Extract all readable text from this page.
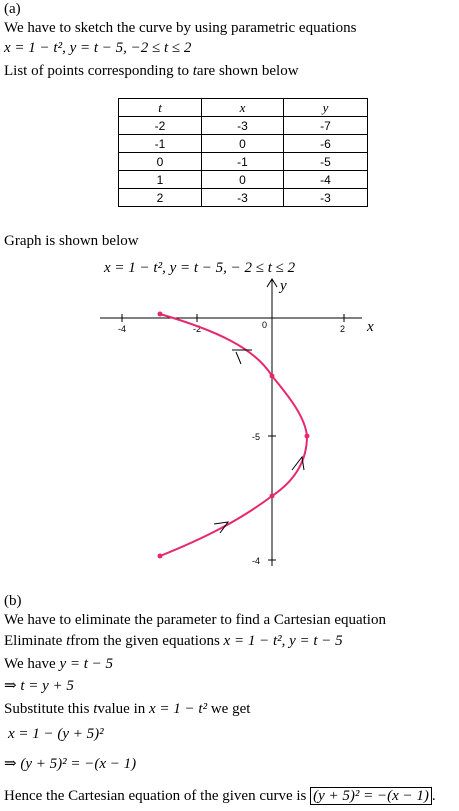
(a)
We have to sketch the curve by using parametric equations
x = 1 − t², y = t − 5, −2 ≤ t ≤ 2
List of points corresponding to tare shown below
t	x	y
-2	-3	-7
-1	0	-6
0	-1	-5
1	0	-4
2	-3	-3
Graph is shown below
x = 1 − t², y = t − 5, − 2 ≤ t ≤ 2
-4	-2	0	2
-5
-4
x
y
(b)
We have to eliminate the parameter to find a Cartesian equation
Eliminate tfrom the given equations x = 1 − t², y = t − 5
We have y = t − 5
⇒ t = y + 5
Substitute this tvalue in x = 1 − t² we get
x = 1 − (y + 5)²
⇒ (y + 5)² = −(x − 1)
Hence the Cartesian equation of the given curve is (y + 5)² = −(x − 1) .
